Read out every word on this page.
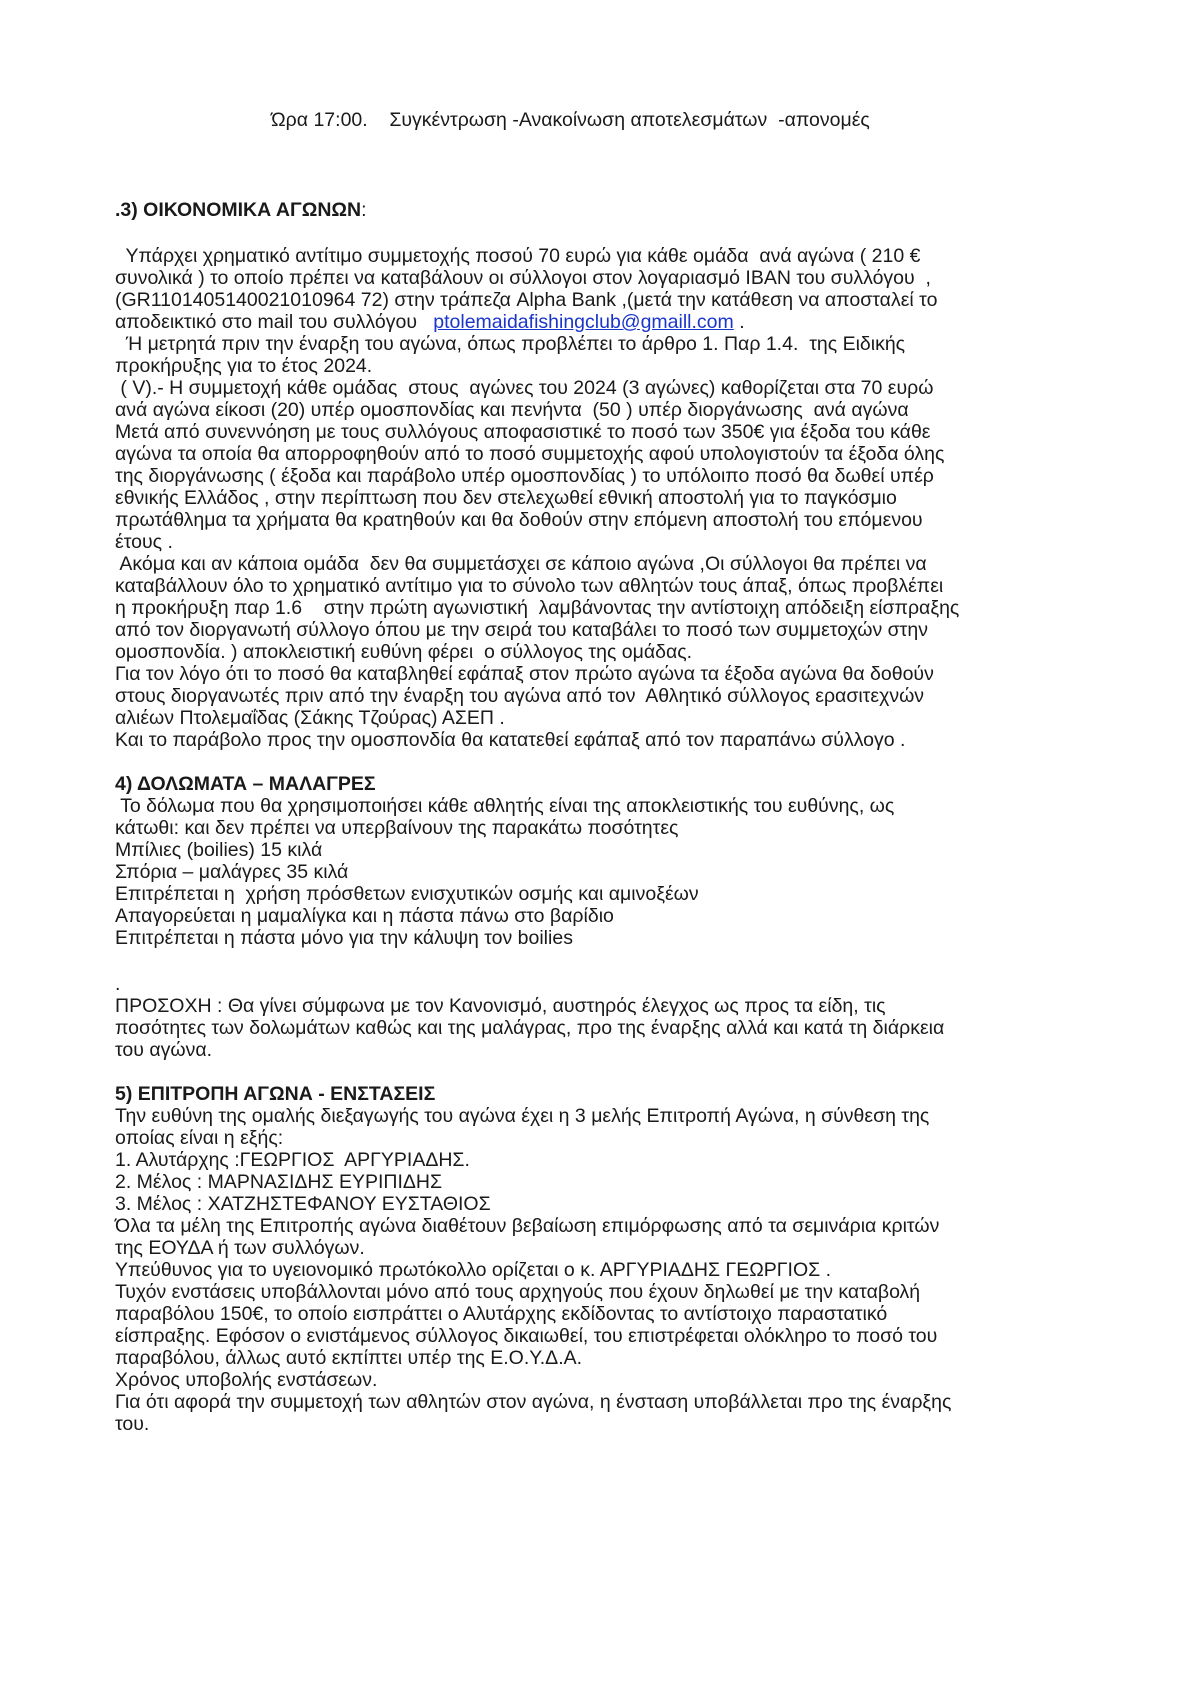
Ώρα 17:00.    Συγκέντρωση -Ανακοίνωση αποτελεσμάτων  -απονομές
.3) ΟΙΚΟΝΟΜΙΚΑ ΑΓΩΝΩΝ:
Υπάρχει χρηματικό αντίτιμο συμμετοχής ποσού 70 ευρώ για κάθε ομάδα  ανά αγώνα ( 210 €
συνολικά ) το οποίο πρέπει να καταβάλουν οι σύλλογοι στον λογαριασμό IBAN του συλλόγου  ,
(GR1101405140021010964 72) στην τράπεζα Alpha Bank ,(μετά την κατάθεση να αποσταλεί το
αποδεικτικό στο mail του συλλόγου   ptolemaidafishingclub@gmaill.com .
Ή μετρητά πριν την έναρξη του αγώνα, όπως προβλέπει το άρθρο 1. Παρ 1.4.  της Ειδικής
προκήρυξης για το έτος 2024.
( V).- Η συμμετοχή κάθε ομάδας  στους  αγώνες του 2024 (3 αγώνες) καθορίζεται στα 70 ευρώ
ανά αγώνα είκοσι (20) υπέρ ομοσπονδίας και πενήντα  (50 ) υπέρ διοργάνωσης  ανά αγώνα
Μετά από συνεννόηση με τους συλλόγους αποφασιστικέ το ποσό των 350€ για έξοδα του κάθε
αγώνα τα οποία θα απορροφηθούν από το ποσό συμμετοχής αφού υπολογιστούν τα έξοδα όλης
της διοργάνωσης ( έξοδα και παράβολο υπέρ ομοσπονδίας ) το υπόλοιπο ποσό θα δωθεί υπέρ
εθνικής Ελλάδος , στην περίπτωση που δεν στελεχωθεί εθνική αποστολή για το παγκόσμιο
πρωτάθλημα τα χρήματα θα κρατηθούν και θα δοθούν στην επόμενη αποστολή του επόμενου
έτους .
Ακόμα και αν κάποια ομάδα  δεν θα συμμετάσχει σε κάποιο αγώνα ,Οι σύλλογοι θα πρέπει να
καταβάλλουν όλο το χρηματικό αντίτιμο για το σύνολο των αθλητών τους άπαξ, όπως προβλέπει
η προκήρυξη παρ 1.6    στην πρώτη αγωνιστική  λαμβάνοντας την αντίστοιχη απόδειξη είσπραξης
από τον διοργανωτή σύλλογο όπου με την σειρά του καταβάλει το ποσό των συμμετοχών στην
ομοσπονδία. ) αποκλειστική ευθύνη φέρει  ο σύλλογος της ομάδας.
Για τον λόγο ότι το ποσό θα καταβληθεί εφάπαξ στον πρώτο αγώνα τα έξοδα αγώνα θα δοθούν
στους διοργανωτές πριν από την έναρξη του αγώνα από τον  Αθλητικό σύλλογος ερασιτεχνών
αλιέων Πτολεμαΐδας (Σάκης Τζούρας) ΑΣΕΠ .
Και το παράβολο προς την ομοσπονδία θα κατατεθεί εφάπαξ από τον παραπάνω σύλλογο .
4) ΔΟΛΩΜΑΤΑ – ΜΑΛΑΓΡΕΣ
Το δόλωμα που θα χρησιμοποιήσει κάθε αθλητής είναι της αποκλειστικής του ευθύνης, ως
κάτωθι: και δεν πρέπει να υπερβαίνουν της παρακάτω ποσότητες
Μπίλιες (boilies) 15 κιλά
Σπόρια – μαλάγρες 35 κιλά
Επιτρέπεται η  χρήση πρόσθετων ενισχυτικών οσμής και αμινοξέων
Απαγορεύεται η μαμαλίγκα και η πάστα πάνω στο βαρίδιο
Επιτρέπεται η πάστα μόνο για την κάλυψη τον boilies
.
ΠΡΟΣΟΧΗ : Θα γίνει σύμφωνα με τον Κανονισμό, αυστηρός έλεγχος ως προς τα είδη, τις
ποσότητες των δολωμάτων καθώς και της μαλάγρας, προ της έναρξης αλλά και κατά τη διάρκεια
του αγώνα.
5) ΕΠΙΤΡΟΠΗ ΑΓΩΝΑ - ΕΝΣΤΑΣΕΙΣ
Την ευθύνη της ομαλής διεξαγωγής του αγώνα έχει η 3 μελής Επιτροπή Αγώνα, η σύνθεση της
οποίας είναι η εξής:
1. Αλυτάρχης :ΓΕΩΡΓΙΟΣ  ΑΡΓΥΡΙΑΔΗΣ.
2. Μέλος : ΜΑΡΝΑΣΙΔΗΣ ΕΥΡΙΠΙΔΗΣ
3. Μέλος : ΧΑΤΖΗΣΤΕΦΑΝΟΥ ΕΥΣΤΑΘΙΟΣ
Όλα τα μέλη της Επιτροπής αγώνα διαθέτουν βεβαίωση επιμόρφωσης από τα σεμινάρια κριτών
της ΕΟΥΔΑ ή των συλλόγων.
Υπεύθυνος για το υγειονομικό πρωτόκολλο ορίζεται ο κ. ΑΡΓΥΡΙΑΔΗΣ ΓΕΩΡΓΙΟΣ .
Τυχόν ενστάσεις υποβάλλονται μόνο από τους αρχηγούς που έχουν δηλωθεί με την καταβολή
παραβόλου 150€, το οποίο εισπράττει ο Αλυτάρχης εκδίδοντας το αντίστοιχο παραστατικό
είσπραξης. Εφόσον ο ενιστάμενος σύλλογος δικαιωθεί, του επιστρέφεται ολόκληρο το ποσό του
παραβόλου, άλλως αυτό εκπίπτει υπέρ της Ε.Ο.Υ.Δ.Α.
Χρόνος υποβολής ενστάσεων.
Για ότι αφορά την συμμετοχή των αθλητών στον αγώνα, η ένσταση υποβάλλεται προ της έναρξης
του.
